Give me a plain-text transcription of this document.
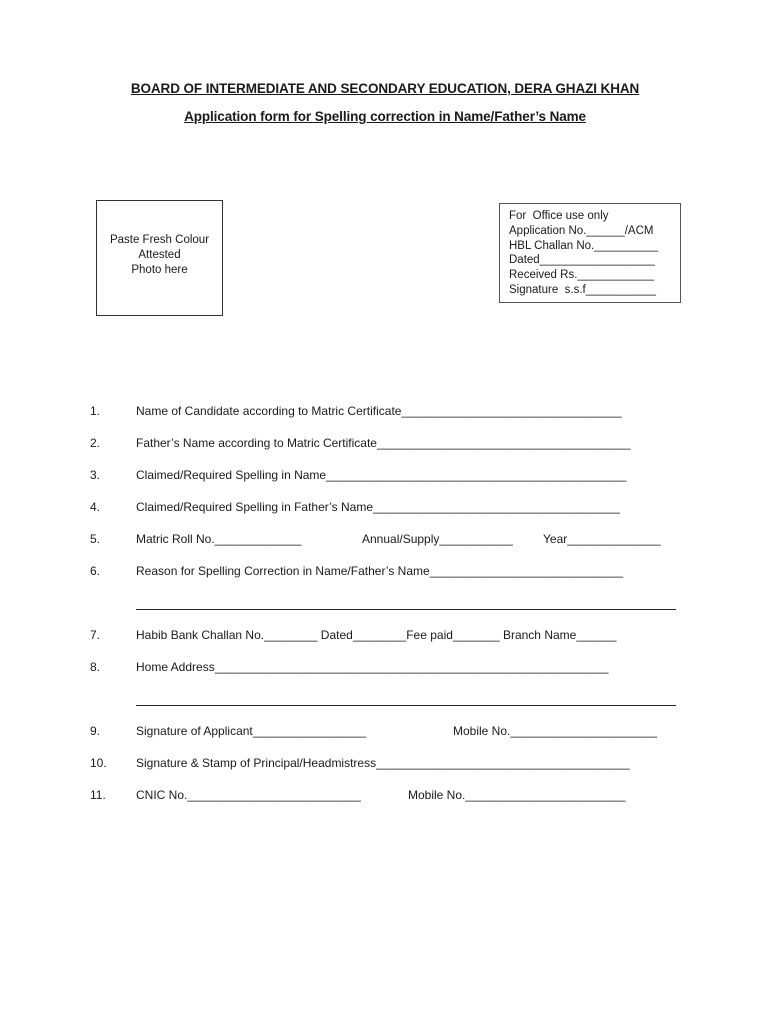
BOARD OF INTERMEDIATE AND SECONDARY EDUCATION, DERA GHAZI KHAN
Application form for Spelling correction in Name/Father’s Name
Paste Fresh Colour
Attested
Photo here
For  Office use only
Application No.______/ACM
HBL Challan No.__________
Dated__________________
Received Rs.____________
Signature  s.s.f___________
1.	Name of Candidate according to Matric Certificate_________________________________
2.	Father’s Name according to Matric Certificate______________________________________
3.	Claimed/Required Spelling in Name_____________________________________________
4.	Claimed/Required Spelling in Father’s Name_____________________________________
5.	Matric Roll No._____________	Annual/Supply___________	Year______________
6.	Reason for Spelling Correction in Name/Father’s Name_____________________________
7.	Habib Bank Challan No.________ Dated________Fee paid_______ Branch Name______
8.	Home Address___________________________________________________________
9.	Signature of Applicant_________________	Mobile No.______________________
10. Signature & Stamp of Principal/Headmistress______________________________________
11.	CNIC No.__________________________	Mobile No.________________________
